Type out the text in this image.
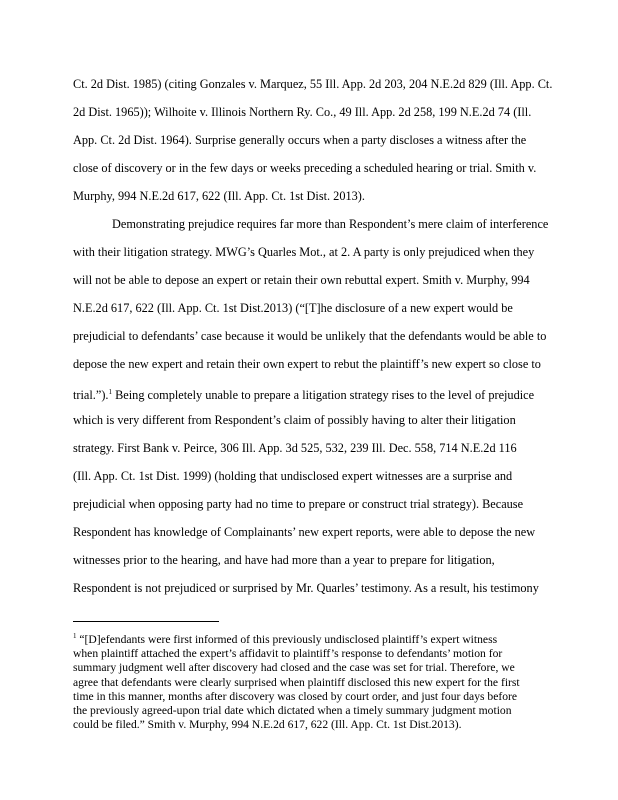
Ct. 2d Dist. 1985) (citing Gonzales v. Marquez, 55 Ill. App. 2d 203, 204 N.E.2d 829 (Ill. App. Ct.
2d Dist. 1965)); Wilhoite v. Illinois Northern Ry. Co., 49 Ill. App. 2d 258, 199 N.E.2d 74 (Ill.
App. Ct. 2d Dist. 1964). Surprise generally occurs when a party discloses a witness after the
close of discovery or in the few days or weeks preceding a scheduled hearing or trial. Smith v.
Murphy, 994 N.E.2d 617, 622 (Ill. App. Ct. 1st Dist. 2013).
Demonstrating prejudice requires far more than Respondent’s mere claim of interference
with their litigation strategy. MWG’s Quarles Mot., at 2. A party is only prejudiced when they
will not be able to depose an expert or retain their own rebuttal expert. Smith v. Murphy, 994
N.E.2d 617, 622 (Ill. App. Ct. 1st Dist.2013) (“[T]he disclosure of a new expert would be
prejudicial to defendants’ case because it would be unlikely that the defendants would be able to
depose the new expert and retain their own expert to rebut the plaintiff’s new expert so close to
trial.”).$^1$ Being completely unable to prepare a litigation strategy rises to the level of prejudice
which is very different from Respondent’s claim of possibly having to alter their litigation
strategy. First Bank v. Peirce, 306 Ill. App. 3d 525, 532, 239 Ill. Dec. 558, 714 N.E.2d 116
(Ill. App. Ct. 1st Dist. 1999) (holding that undisclosed expert witnesses are a surprise and
prejudicial when opposing party had no time to prepare or construct trial strategy). Because
Respondent has knowledge of Complainants’ new expert reports, were able to depose the new
witnesses prior to the hearing, and have had more than a year to prepare for litigation,
Respondent is not prejudiced or surprised by Mr. Quarles’ testimony. As a result, his testimony
$^1$ “[D]efendants were first informed of this previously undisclosed plaintiff’s expert witness
when plaintiff attached the expert’s affidavit to plaintiff’s response to defendants’ motion for
summary judgment well after discovery had closed and the case was set for trial. Therefore, we
agree that defendants were clearly surprised when plaintiff disclosed this new expert for the first
time in this manner, months after discovery was closed by court order, and just four days before
the previously agreed-upon trial date which dictated when a timely summary judgment motion
could be filed.” Smith v. Murphy, 994 N.E.2d 617, 622 (Ill. App. Ct. 1st Dist.2013).
